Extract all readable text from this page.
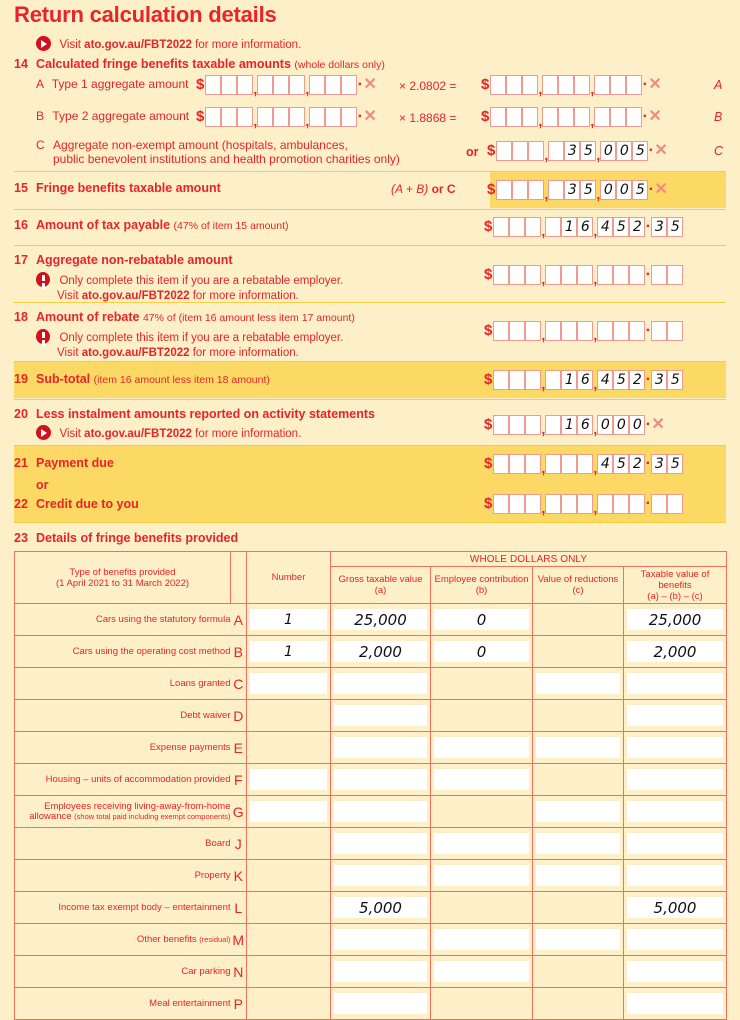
Return calculation details
Visit ato.gov.au/FBT2022 for more information.
14 Calculated fringe benefits taxable amounts (whole dollars only)
A Type 1 aggregate amount $	,	,	· ✕ × 2.0802 = $	,	,	· ✕	A
B Type 2 aggregate amount $	,	,	· ✕ × 1.8868 = $	,	,	· ✕	B
C Aggregate non-exempt amount (hospitals, ambulances,
public benevolent institutions and health promotion charities only)	or $	, 3 5 , 0 0 5 · ✕	C
15 Fringe benefits taxable amount	(A + B) or C $	, 3 5 , 0 0 5 · ✕
16 Amount of tax payable (47% of item 15 amount)	$	, 1 6 , 4 5 2 · 3 5
17 Aggregate non-rebatable amount
Only complete this item if you are a rebatable employer.
Visit ato.gov.au/FBT2022 for more information.
$	,	,	·
18 Amount of rebate 47% of (item 16 amount less item 17 amount)
Only complete this item if you are a rebatable employer.
Visit ato.gov.au/FBT2022 for more information.
$	,	,	·
19 Sub-total (item 16 amount less item 18 amount)	$	, 1 6 , 4 5 2 · 3 5
20 Less instalment amounts reported on activity statements
Visit ato.gov.au/FBT2022 for more information.
$	, 1 6 , 0 0 0 · ✕
21 Payment due
or
$	,	, 4 5 2 · 3 5
22 Credit due to you	$	,	,	·
23 Details of fringe benefits provided
Type of benefits provided
(1 April 2021 to 31 March 2022)		Number	WHOLE DOLLARS ONLY			

Gross taxable value
(a)

Employee contribution
(b)

Value of reductions
(c)

Taxable value of benefits
(a) – (b) – (c)

Cars using the statutory formula	A	1	25,000	0		25,000

Cars using the operating cost method	B	1	2,000	0		2,000

Loans granted	C	

Debt waiver	D		

Expense payments	E		

Housing – units of accommodation provided	F	

Employees receiving living-away-from-home allowance (show total paid including exempt components)	G	

Board	J		

Property	K		

Income tax exempt body – entertainment	L		5,000			5,000

Other benefits (residual)	M		

Car parking	N		

Meal entertainment	P		
